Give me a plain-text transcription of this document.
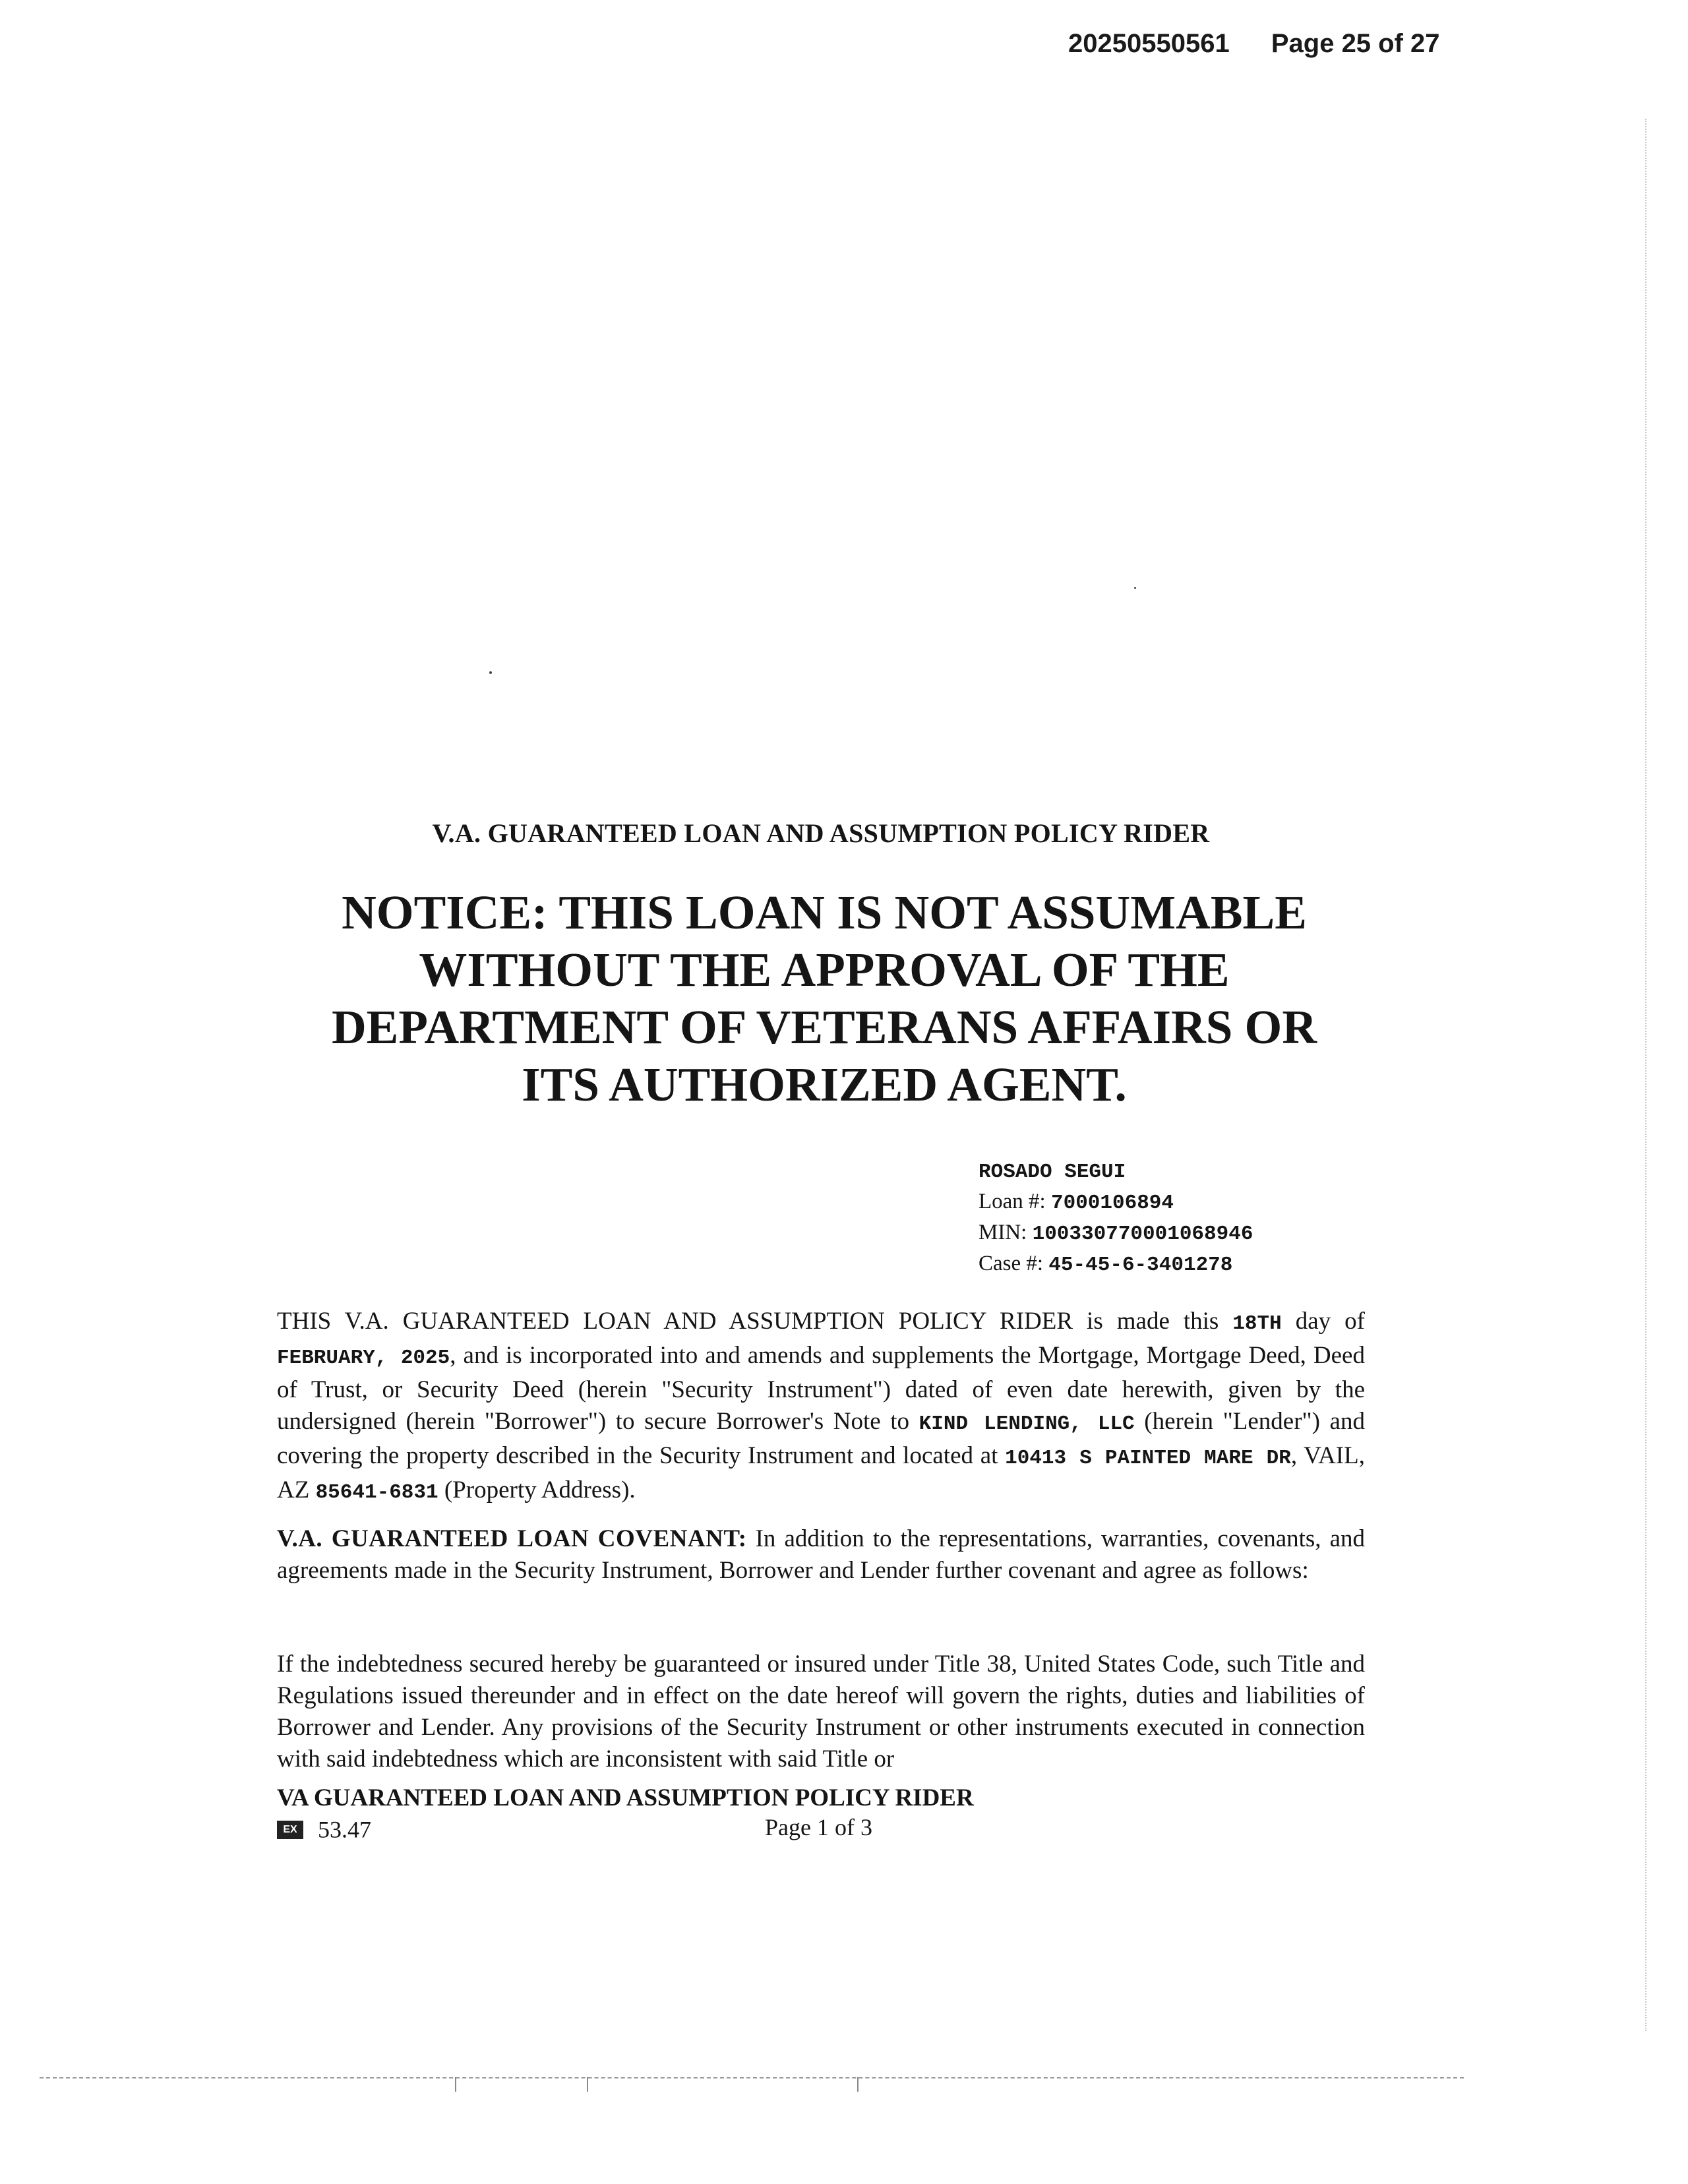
20250550561 Page 25 of 27
V.A. GUARANTEED LOAN AND ASSUMPTION POLICY RIDER
NOTICE: THIS LOAN IS NOT ASSUMABLE WITHOUT THE APPROVAL OF THE DEPARTMENT OF VETERANS AFFAIRS OR ITS AUTHORIZED AGENT.
ROSADO SEGUI
Loan #: 7000106894
MIN: 100330770001068946
Case #: 45-45-6-3401278
THIS V.A. GUARANTEED LOAN AND ASSUMPTION POLICY RIDER is made this 18TH day of FEBRUARY, 2025, and is incorporated into and amends and supplements the Mortgage, Mortgage Deed, Deed of Trust, or Security Deed (herein "Security Instrument") dated of even date herewith, given by the undersigned (herein "Borrower") to secure Borrower's Note to KIND LENDING, LLC (herein "Lender") and covering the property described in the Security Instrument and located at 10413 S PAINTED MARE DR, VAIL, AZ 85641-6831 (Property Address).
V.A. GUARANTEED LOAN COVENANT: In addition to the representations, warranties, covenants, and agreements made in the Security Instrument, Borrower and Lender further covenant and agree as follows:
If the indebtedness secured hereby be guaranteed or insured under Title 38, United States Code, such Title and Regulations issued thereunder and in effect on the date hereof will govern the rights, duties and liabilities of Borrower and Lender. Any provisions of the Security Instrument or other instruments executed in connection with said indebtedness which are inconsistent with said Title or
VA GUARANTEED LOAN AND ASSUMPTION POLICY RIDER
EX 53.47	Page 1 of 3
